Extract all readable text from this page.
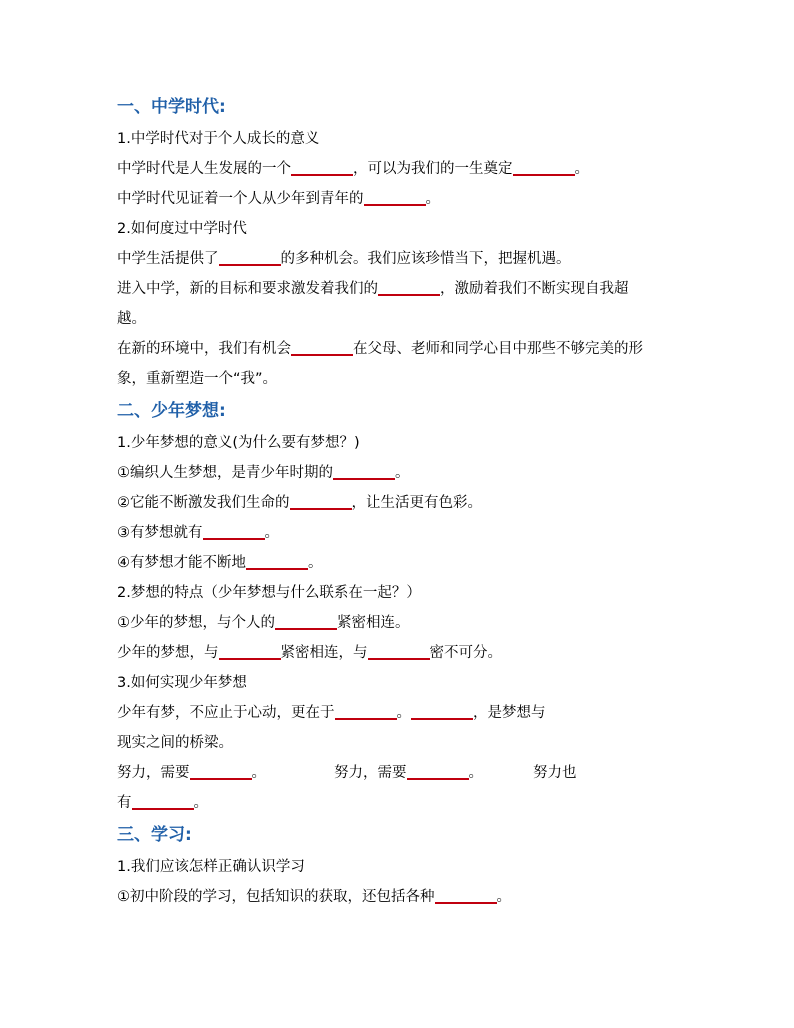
一、中学时代:
1.中学时代对于个人成长的意义
中学时代是人生发展的一个	，可以为我们的一生奠定	。
中学时代见证着一个人从少年到青年的	。
2.如何度过中学时代
中学生活提供了	的多种机会。我们应该珍惜当下，把握机遇。
进入中学，新的目标和要求激发着我们的	，激励着我们不断实现自我超
越。
在新的环境中，我们有机会	在父母、老师和同学心目中那些不够完美的形
象，重新塑造一个“我”。
二、少年梦想:
1.少年梦想的意义(为什么要有梦想？)
①编织人生梦想，是青少年时期的	。
②它能不断激发我们生命的	，让生活更有色彩。
③有梦想就有	。
④有梦想才能不断地	。
2.梦想的特点（少年梦想与什么联系在一起？）
①少年的梦想，与个人的	紧密相连。
少年的梦想，与	紧密相连，与	密不可分。
3.如何实现少年梦想
少年有梦，不应止于心动，更在于	。	，是梦想与
现实之间的桥梁。
努力，需要	。	努力，需要	。	努力也
有	。
三、学习:
1.我们应该怎样正确认识学习
①初中阶段的学习，包括知识的获取，还包括各种	。
